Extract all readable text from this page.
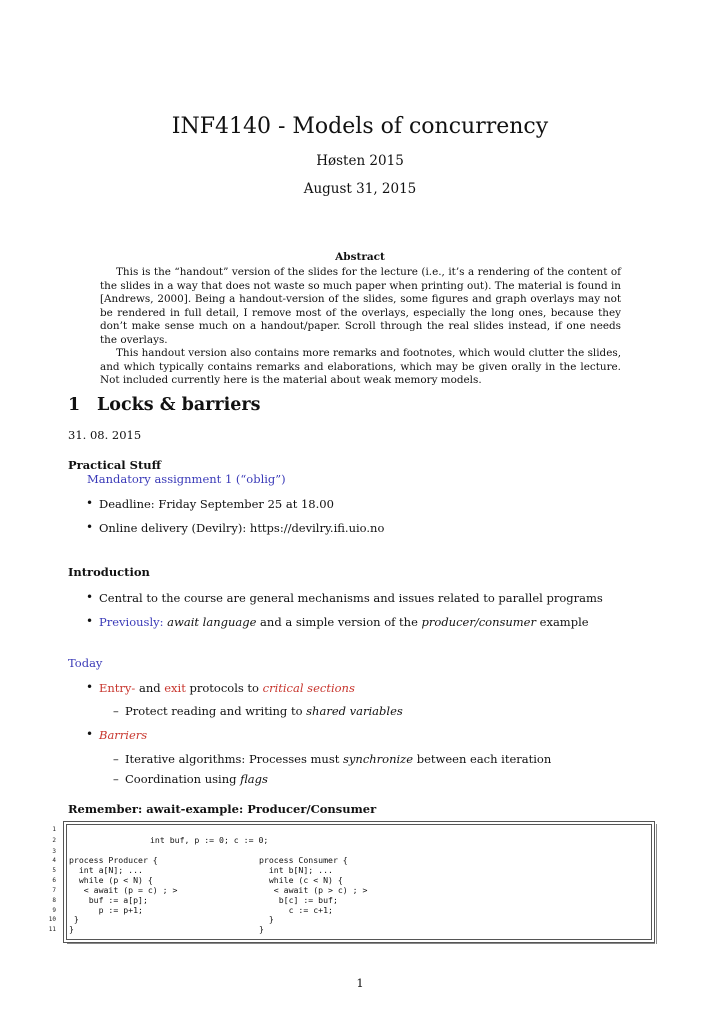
INF4140 - Models of concurrency
Høsten 2015
August 31, 2015
Abstract

This is the “handout” version of the slides for the lecture (i.e., it’s a rendering of the content of the slides in a way that does not waste so much paper when printing out). The material is found in [Andrews, 2000]. Being a handout-version of the slides, some figures and graph overlays may not be rendered in full detail, I remove most of the overlays, especially the long ones, because they don’t make sense much on a handout/paper. Scroll through the real slides instead, if one needs the overlays.

This handout version also contains more remarks and footnotes, which would clutter the slides, and which typically contains remarks and elaborations, which may be given orally in the lecture. Not included currently here is the material about weak memory models.

1 Locks & barriers
31. 08. 2015
Practical Stuff
Mandatory assignment 1 (“oblig”)
• Deadline: Friday September 25 at 18.00
• Online delivery (Devilry): https://devilry.ifi.uio.no
Introduction
• Central to the course are general mechanisms and issues related to parallel programs
• Previously: await language and a simple version of the producer/consumer example
Today
• Entry- and exit protocols to critical sections
– Protect reading and writing to shared variables
• Barriers
– Iterative algorithms: Processes must synchronize between each iteration
– Coordination using flags
Remember: await-example: Producer/Consumer
1
2
3
4
5
6
7
8
9
10
11
int buf, p := 0; c := 0;
process Producer {
int a[N]; ...
while (p < N) {
< await (p = c) ; >
buf := a[p];
p := p+1;
}
}
process Consumer {
int b[N]; ...
while (c < N) {
< await (p > c) ; >
b[c] := buf;
c := c+1;
}
}
1
